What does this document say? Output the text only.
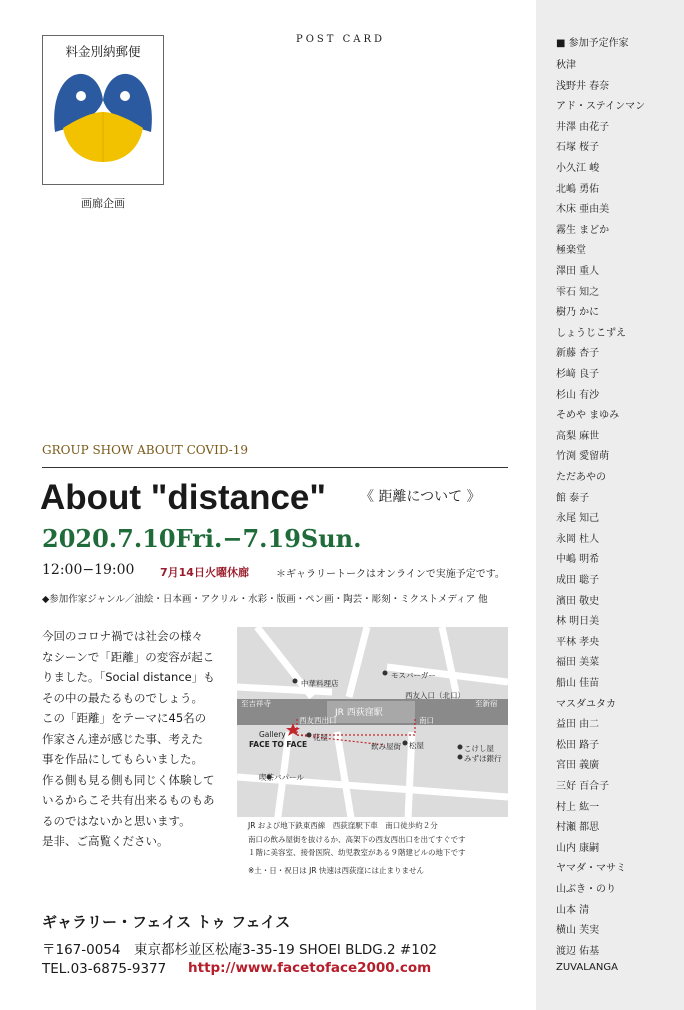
料金別納郵便
画廊企画
POST CARD	■ 参加予定作家
秋津
浅野井 春奈
アド・ステインマン
井澤 由花子
石塚 桜子
小久江 峻
北嶋 勇佑
木床 亜由美
霧生 まどか
極楽堂
澤田 重人
雫石 知之
樹乃 かに
しょうじこずえ
新藤 杏子
杉﨑 良子
杉山 有沙
そめや まゆみ
高梨 麻世
竹渕 愛留萌
ただあやの
館 泰子
永尾 知己
永岡 杜人
中嶋 明希
成田 聡子
濱田 敬史
林 明日美
平林 孝央
福田 美菜
船山 佳苗
マスダユタカ
益田 由二
松田 路子
宮田 義廣
三好 百合子
村上 紘一
村瀬 都思
山内 康嗣
ヤマダ・マサミ
山ぶき・のり
山本 清
横山 芙実
渡辺 佑基
ZUVALANGA
GROUP SHOW ABOUT COVID-19
About "distance" 《 距離について 》
2020.7.10Fri.−7.19Sun.
12:00−19:00 7月14日火曜休廊	＊ギャラリートークはオンラインで実施予定です。
◆参加作家ジャンル／油絵・日本画・アクリル・水彩・版画・ペン画・陶芸・彫刻・ミクストメディア 他
今回のコロナ禍では社会の様々
なシーンで「距離」の変容が起こ
りました。「Social distance」も
その中の最たるものでしょう。
この「距離」をテーマに45名の
作家さん達が感じた事、考えた
事を作品にしてもらいました。
作る側も見る側も同じく体験して
いるからこそ共有出来るものもあ
るのではないかと思います。
是非、ご高覧ください。
中華料理店
モスバーガー
西友入口（北口）
至吉祥寺	至新宿
JR 西荻窪駅
西友西出口	南口
Gallery
FACE TO FACE
花屋
飲み屋街 松屋	こけし屋
みずほ銀行
喫茶バパール
JR および地下鉄東西線　西荻窪駅下車　南口徒歩約２分
南口の飲み屋街を抜けるか、高架下の西友西出口を出てすぐです
１階に美容室、接骨医院、幼児教室がある９階建ビルの地下です
※土・日・祝日は JR 快速は西荻窪には止まりません
ギャラリー・フェイス トゥ フェイス
〒167-0054　東京都杉並区松庵3-35-19 SHOEI BLDG.2 #102
TEL.03-6875-9377 http://www.facetoface2000.com
